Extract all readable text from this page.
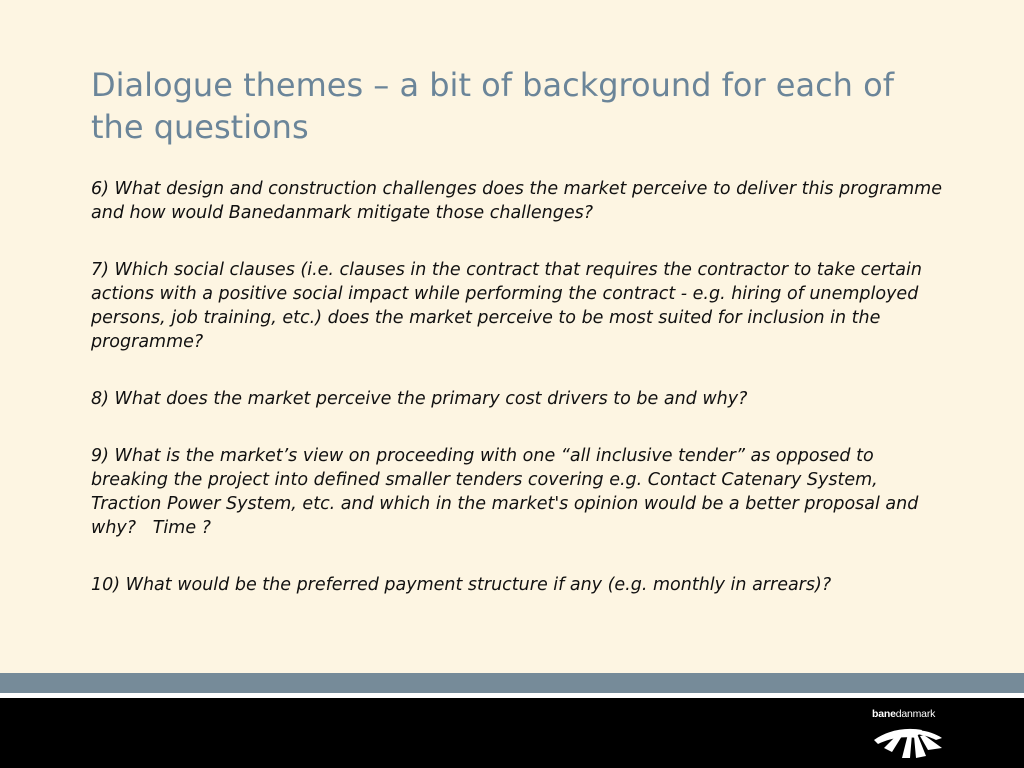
Dialogue themes – a bit of background for each of the questions
6) What design and construction challenges does the market perceive to deliver this programme and how would Banedanmark mitigate those challenges?
7) Which social clauses (i.e. clauses in the contract that requires the contractor to take certain actions with a positive social impact while performing the contract - e.g. hiring of unemployed persons, job training, etc.) does the market perceive to be most suited for inclusion in the programme?
8) What does the market perceive the primary cost drivers to be and why?
9) What is the market’s view on proceeding with one “all inclusive tender” as opposed to breaking the project into defined smaller tenders covering e.g. Contact Catenary System, Traction Power System, etc. and which in the market's opinion would be a better proposal and why?   Time ?
10) What would be the preferred payment structure if any (e.g. monthly in arrears)?
banedanmark
